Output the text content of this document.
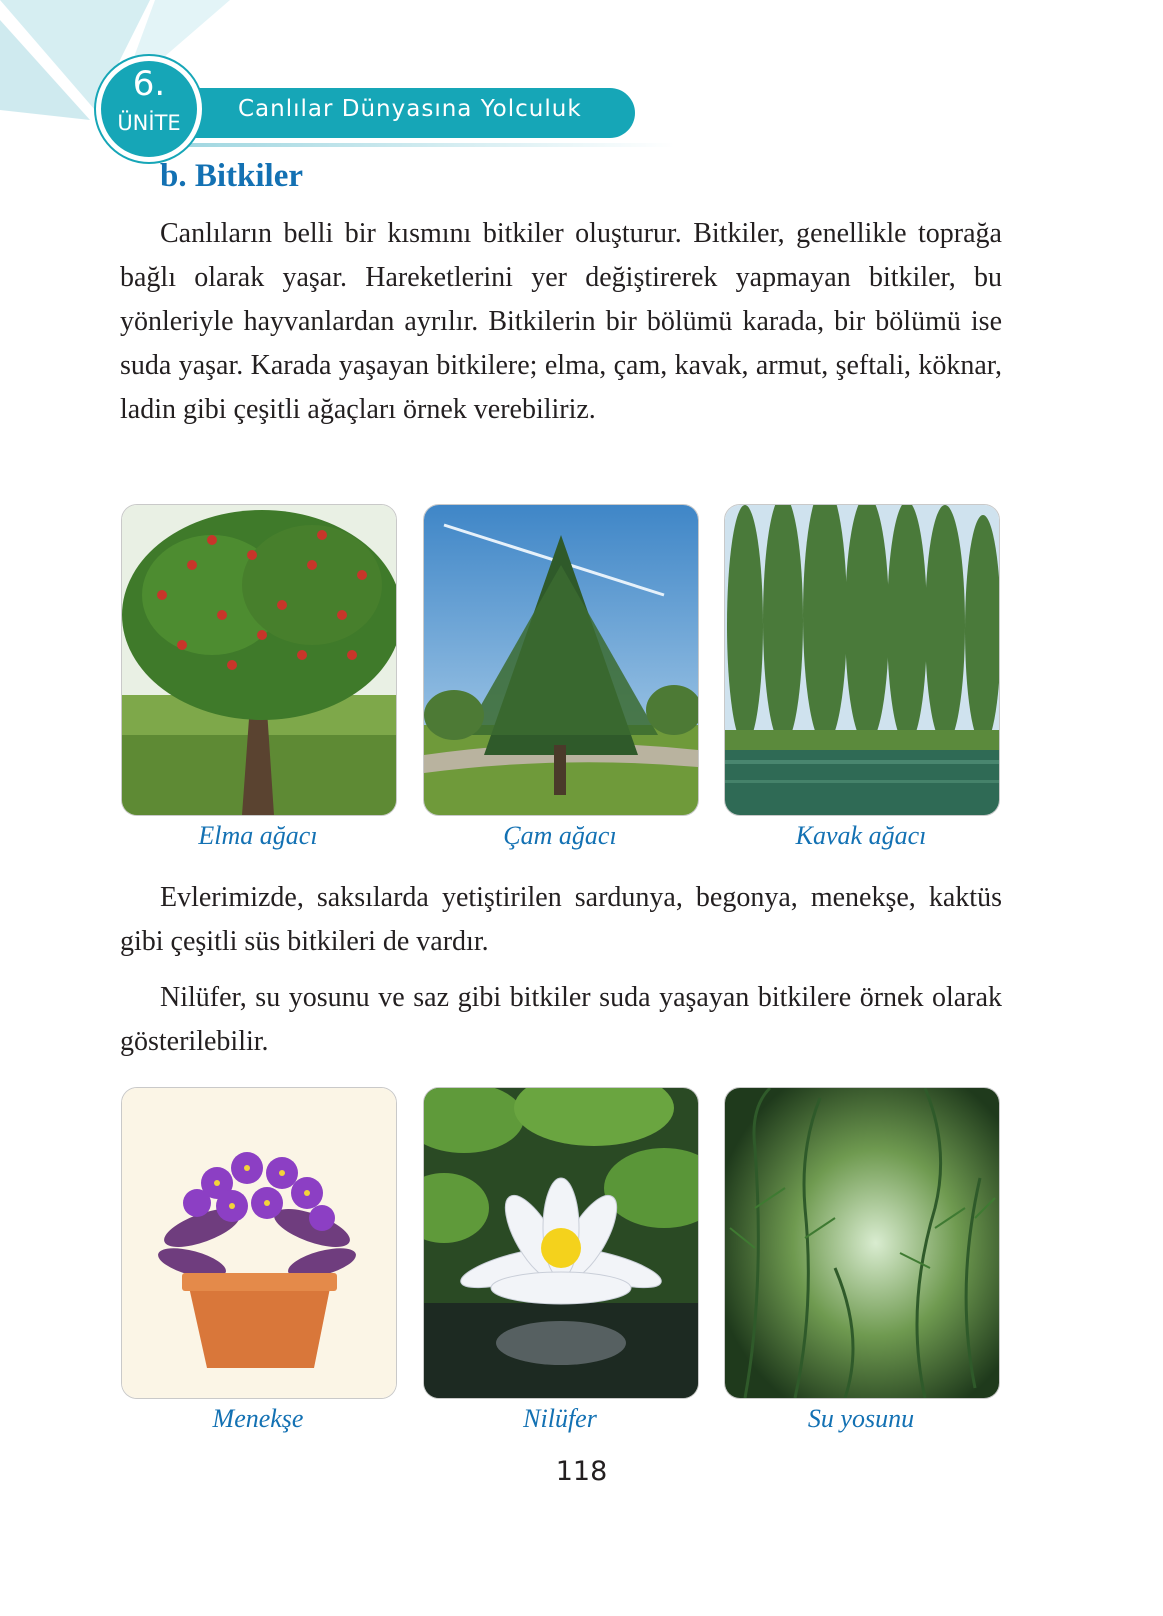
Canlılar Dünyasına Yolculuk
6.
ÜNİTE
b. Bitkiler

Canlıların belli bir kısmını bitkiler oluşturur. Bitkiler, genellikle toprağa bağlı olarak yaşar. Hareketlerini yer değiştirerek yapmayan bitkiler, bu yönleriyle hayvanlardan ayrılır. Bitkilerin bir bölümü karada, bir bölümü ise suda yaşar. Karada yaşayan bitkilere; elma, çam, kavak, armut, şeftali, köknar, ladin gibi çeşitli ağaçları örnek verebiliriz.

Elma ağacı	Çam ağacı	Kavak ağacı

Evlerimizde, saksılarda yetiştirilen sardunya, begonya, menekşe, kaktüs gibi çeşitli süs bitkileri de vardır.

Nilüfer, su yosunu ve saz gibi bitkiler suda yaşayan bitkilere örnek olarak gösterilebilir.

Menekşe	Nilüfer	Su yosunu
118
